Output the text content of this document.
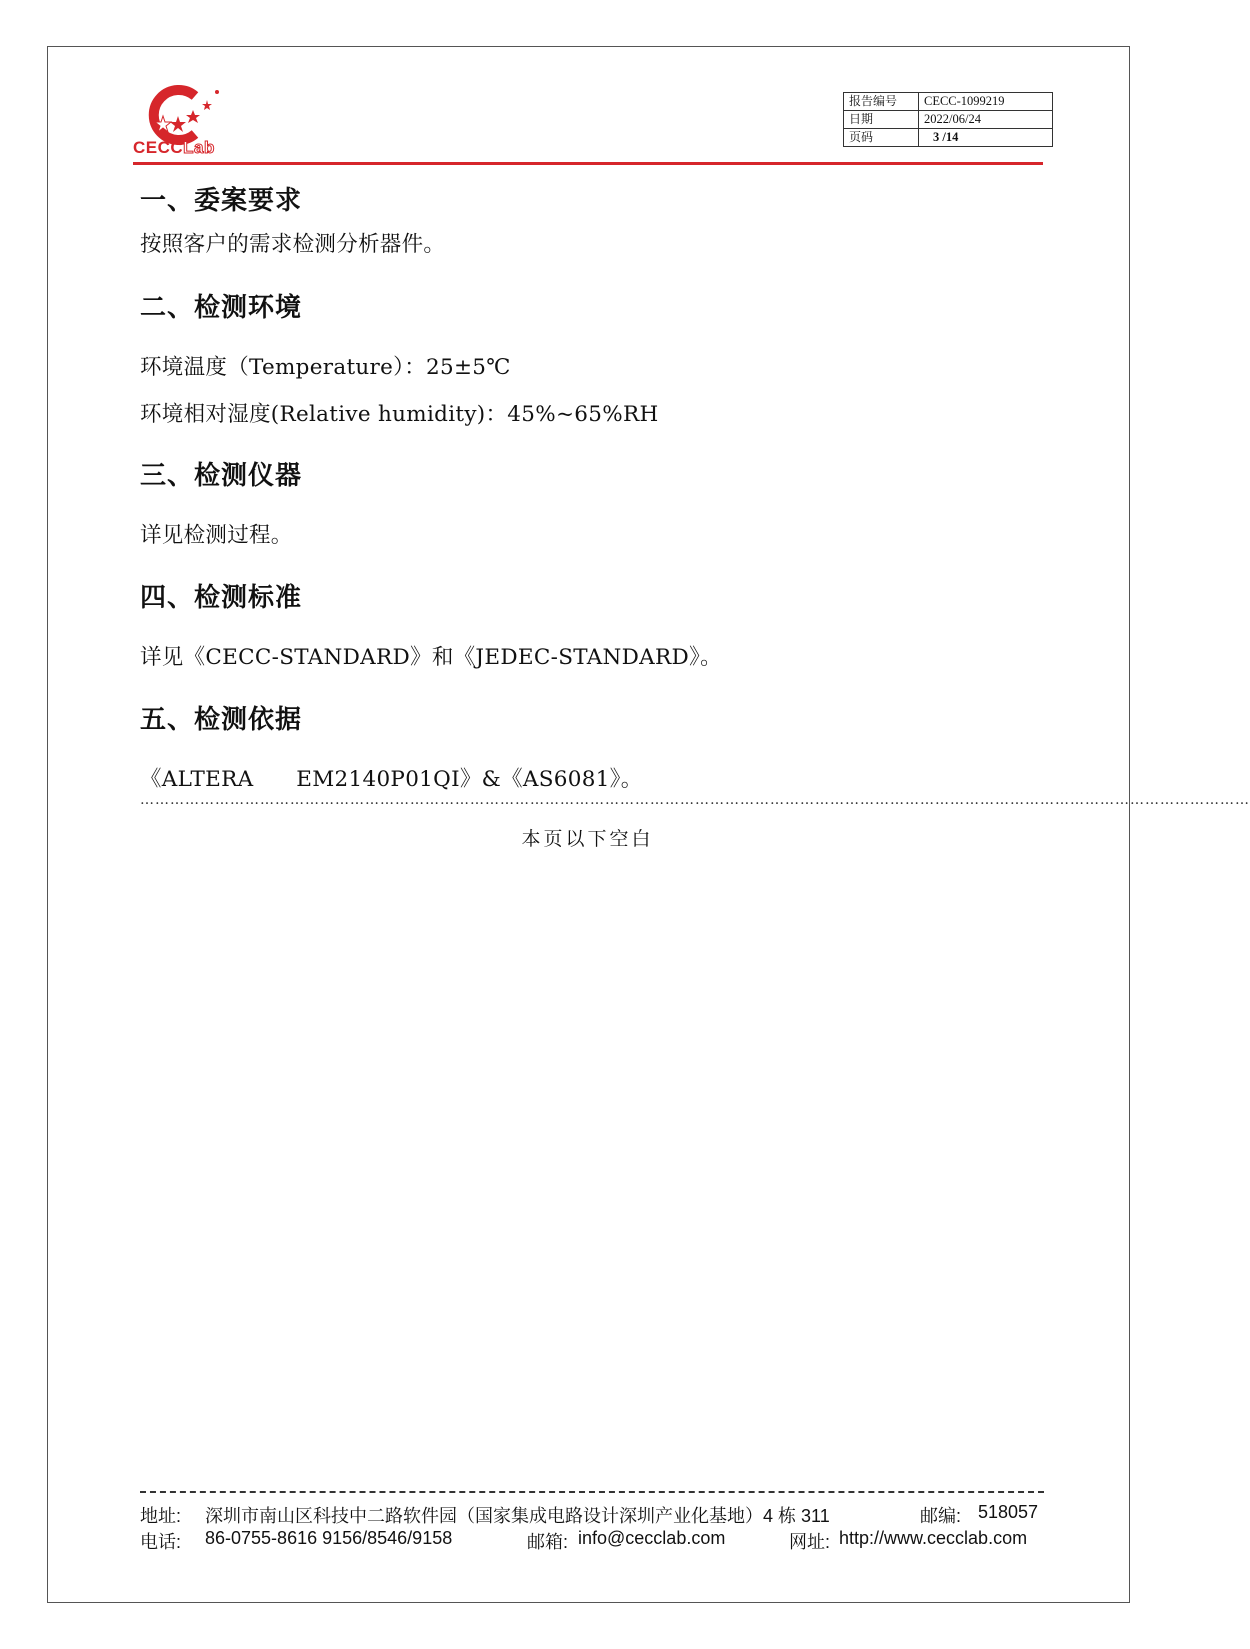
CECCLab
报告编号	CECC-1099219
日期	2022/06/24
页码	3 /14
一、委案要求
按照客户的需求检测分析器件。
二、检测环境
环境温度（Temperature）：25±5℃
环境相对湿度(Relative humidity)：45%~65%RH
三、检测仪器
详见检测过程。
四、检测标准
详见《CECC-STANDARD》和《JEDEC-STANDARD》。
五、检测依据
《ALTERA      EM2140P01QI》&《AS6081》。
……………………………………………………………………………………………………………………………………………………………………………………………………
本页以下空白
地址: 深圳市南山区科技中二路软件园（国家集成电路设计深圳产业化基地）4 栋 311	邮编: 518057
电话: 86-0755-8616 9156/8546/9158	邮箱: info@cecclab.com	网址: http://www.cecclab.com
